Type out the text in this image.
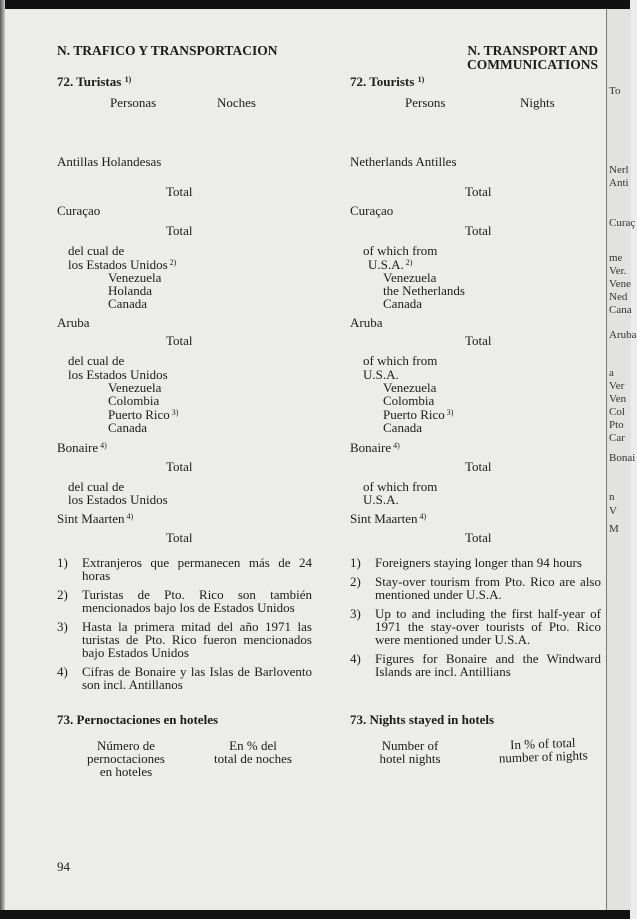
N. TRAFICO Y TRANSPORTACION	N. TRANSPORT AND
COMMUNICATIONS
72. Turistas $^{1)}$	72. Tourists $^{1)}$
Personas	Noches	Persons	Nights
Antillas Holandesas
Total
Curaçao
Total
del cual de
los Estados Unidos $^{2)}$
Venezuela
Holanda
Canada
Aruba
Total
del cual de
los Estados Unidos
Venezuela
Colombia
Puerto Rico $^{3)}$
Canada
Bonaire $^{4)}$
Total
del cual de
los Estados Unidos
Sint Maarten $^{4)}$
Total
Netherlands Antilles
Total
Curaçao
Total
of which from
U.S.A. $^{2)}$
Venezuela
the Netherlands
Canada
Aruba
Total
of which from
U.S.A.
Venezuela
Colombia
Puerto Rico $^{3)}$
Canada
Bonaire $^{4)}$
Total
of which from
U.S.A.
Sint Maarten $^{4)}$
Total
1) Extranjeros que permanecen más de 24 horas
2) Turistas de Pto. Rico son también mencionados bajo los de Estados Unidos
3) Hasta la primera mitad del año 1971 las turistas de Pto. Rico fueron mencionados bajo Estados Unidos
4) Cifras de Bonaire y las Islas de Barlovento son incl. Antillanos
1) Foreigners staying longer than 94 hours
2) Stay-over tourism from Pto. Rico are also mentioned under U.S.A.
3) Up to and including the first half-year of 1971 the stay-over tourists of Pto. Rico were mentioned under U.S.A.
4) Figures for Bonaire and the Windward Islands are incl. Antillians
73. Pernoctaciones en hoteles	73. Nights stayed in hotels
Número de
pernoctaciones
en hoteles
En % del
total de noches
Number of
hotel nights
In % of total
number of nights
94
To
Nerl
Anti
Curaç
me
Ver.
Vene
Ned
Cana
Aruba
a
Ver
Ven
Col
Pto
Car
Bonai
n
V
M
